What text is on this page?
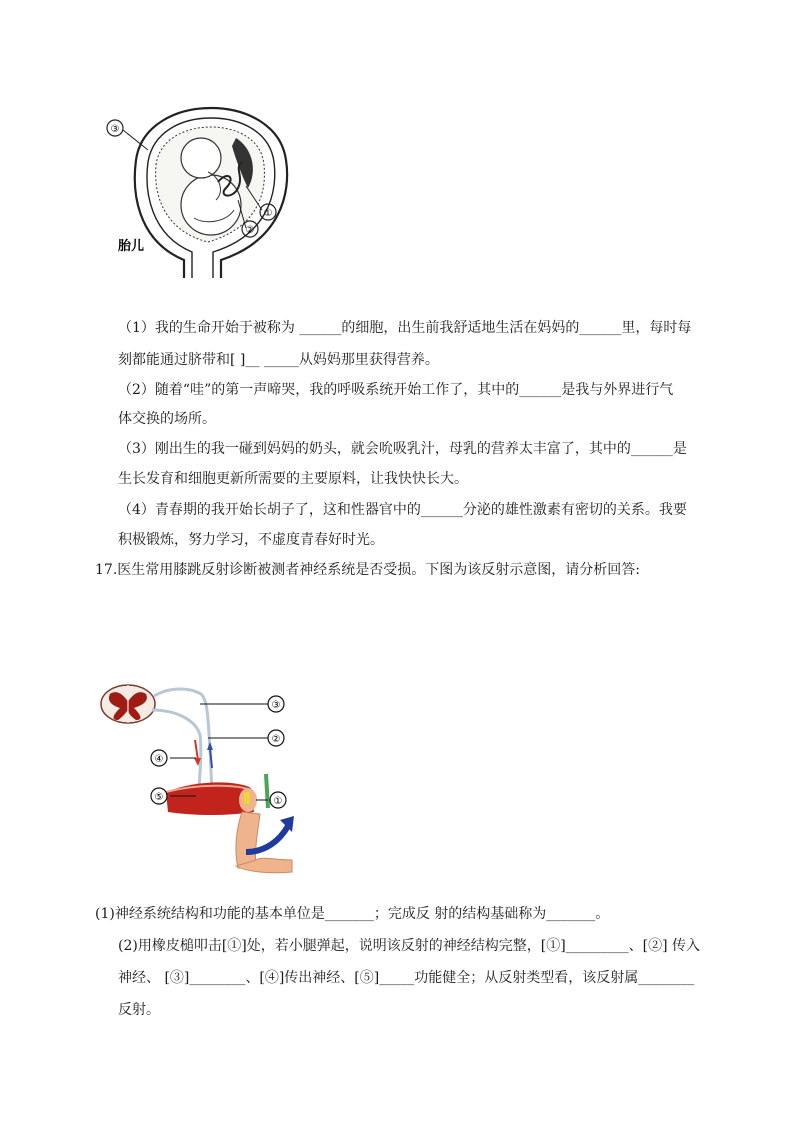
③
①
②
胎儿
（1）我的生命开始于被称为 ______的细胞，出生前我舒适地生活在妈妈的______里，每时每
刻都能通过脐带和[ ]__ _____从妈妈那里获得营养。
（2）随着“哇”的第一声啼哭，我的呼吸系统开始工作了，其中的______是我与外界进行气
体交换的场所。
（3）刚出生的我一碰到妈妈的奶头，就会吮吸乳汁，母乳的营养太丰富了，其中的______是
生长发育和细胞更新所需要的主要原料，让我快快长大。
（4）青春期的我开始长胡子了，这和性器官中的______分泌的雄性激素有密切的关系。我要
积极锻炼，努力学习，不虚度青春好时光。
17.医生常用膝跳反射诊断被测者神经系统是否受损。下图为该反射示意图，请分析回答:
③
②
④
⑤	①
(1)神经系统结构和功能的基本单位是_______；完成反 射的结构基础称为_______。
(2)用橡皮槌叩击[①]处，若小腿弹起，说明该反射的神经结构完整，[①]_________、[②] 传入
神经、 [③]________、[④]传出神经、[⑤]_____功能健全；从反射类型看，该反射属________
反射。
